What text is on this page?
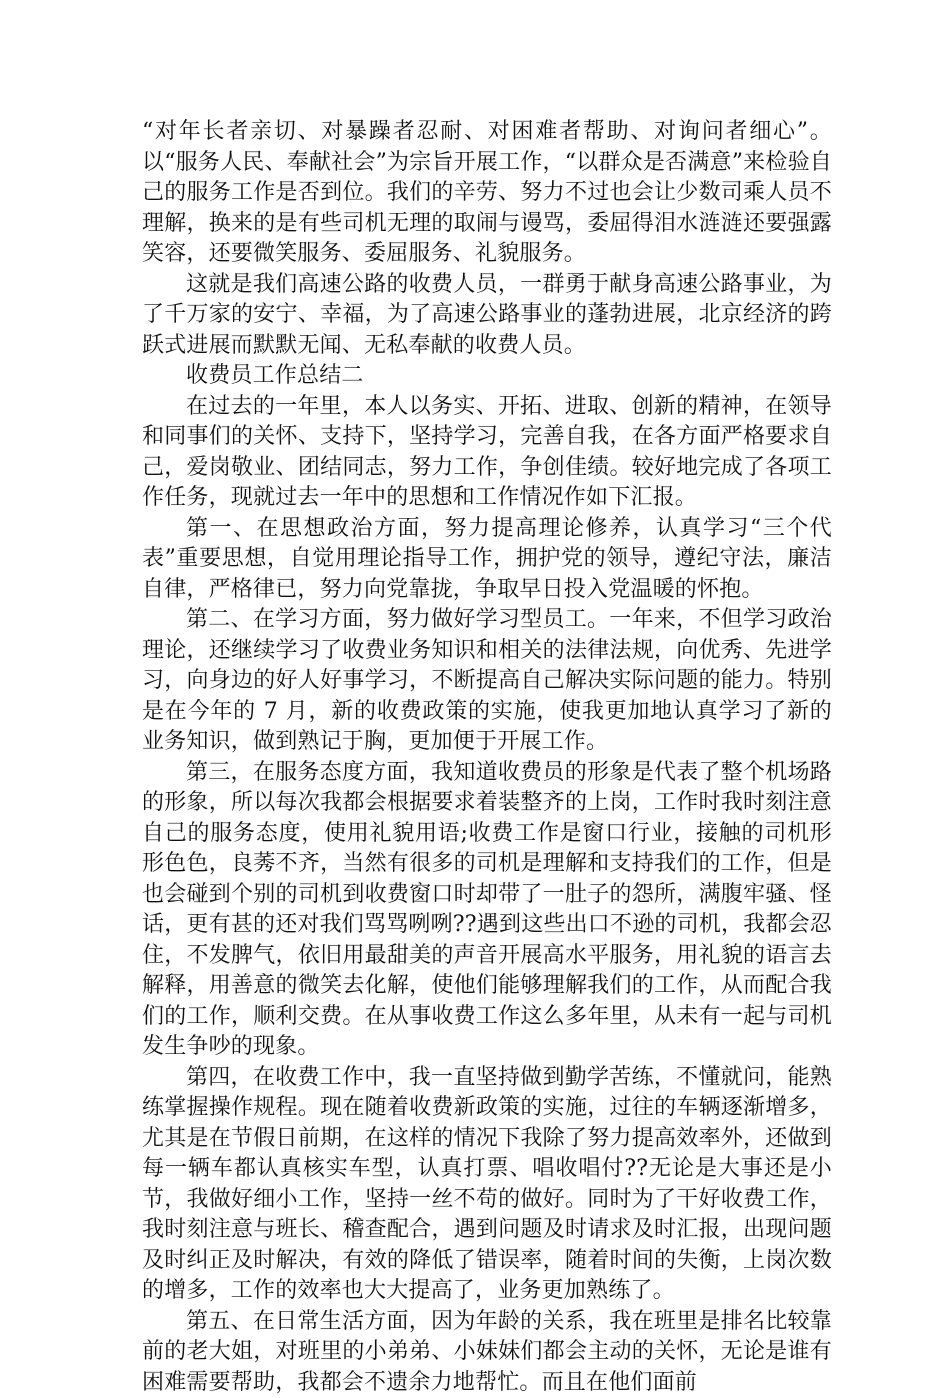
“对年长者亲切、对暴躁者忍耐、对困难者帮助、对询问者细心”。以“服务人民、奉献社会”为宗旨开展工作，“以群众是否满意”来检验自己的服务工作是否到位。我们的辛劳、努力不过也会让少数司乘人员不理解，换来的是有些司机无理的取闹与谩骂，委屈得泪水涟涟还要强露笑容，还要微笑服务、委屈服务、礼貌服务。

这就是我们高速公路的收费人员，一群勇于献身高速公路事业，为了千万家的安宁、幸福，为了高速公路事业的蓬勃进展，北京经济的跨跃式进展而默默无闻、无私奉献的收费人员。

收费员工作总结二

在过去的一年里，本人以务实、开拓、进取、创新的精神，在领导和同事们的关怀、支持下，坚持学习，完善自我，在各方面严格要求自己，爱岗敬业、团结同志，努力工作，争创佳绩。较好地完成了各项工作任务，现就过去一年中的思想和工作情况作如下汇报。

第一、在思想政治方面，努力提高理论修养，认真学习“三个代表”重要思想，自觉用理论指导工作，拥护党的领导，遵纪守法，廉洁自律，严格律已，努力向党靠拢，争取早日投入党温暖的怀抱。

第二、在学习方面，努力做好学习型员工。一年来，不但学习政治理论，还继续学习了收费业务知识和相关的法律法规，向优秀、先进学习，向身边的好人好事学习，不断提高自己解决实际问题的能力。特别是在今年的 7 月，新的收费政策的实施，使我更加地认真学习了新的业务知识，做到熟记于胸，更加便于开展工作。

第三，在服务态度方面，我知道收费员的形象是代表了整个机场路的形象，所以每次我都会根据要求着装整齐的上岗，工作时我时刻注意自己的服务态度，使用礼貌用语;收费工作是窗口行业，接触的司机形形色色，良莠不齐，当然有很多的司机是理解和支持我们的工作，但是也会碰到个别的司机到收费窗口时却带了一肚子的怨所，满腹牢骚、怪话，更有甚的还对我们骂骂咧咧??遇到这些出口不逊的司机，我都会忍住，不发脾气，依旧用最甜美的声音开展高水平服务，用礼貌的语言去解释，用善意的微笑去化解，使他们能够理解我们的工作，从而配合我们的工作，顺利交费。在从事收费工作这么多年里，从未有一起与司机发生争吵的现象。

第四，在收费工作中，我一直坚持做到勤学苦练，不懂就问，能熟练掌握操作规程。现在随着收费新政策的实施，过往的车辆逐渐增多，尤其是在节假日前期，在这样的情况下我除了努力提高效率外，还做到每一辆车都认真核实车型，认真打票、唱收唱付??无论是大事还是小节，我做好细小工作，坚持一丝不苟的做好。同时为了干好收费工作，我时刻注意与班长、稽查配合，遇到问题及时请求及时汇报，出现问题及时纠正及时解决，有效的降低了错误率，随着时间的失衡，上岗次数的增多，工作的效率也大大提高了，业务更加熟练了。

第五、在日常生活方面，因为年龄的关系，我在班里是排名比较靠前的老大姐，对班里的小弟弟、小妹妹们都会主动的关怀，无论是谁有困难需要帮助，我都会不遗余力地帮忙。而且在他们面前
